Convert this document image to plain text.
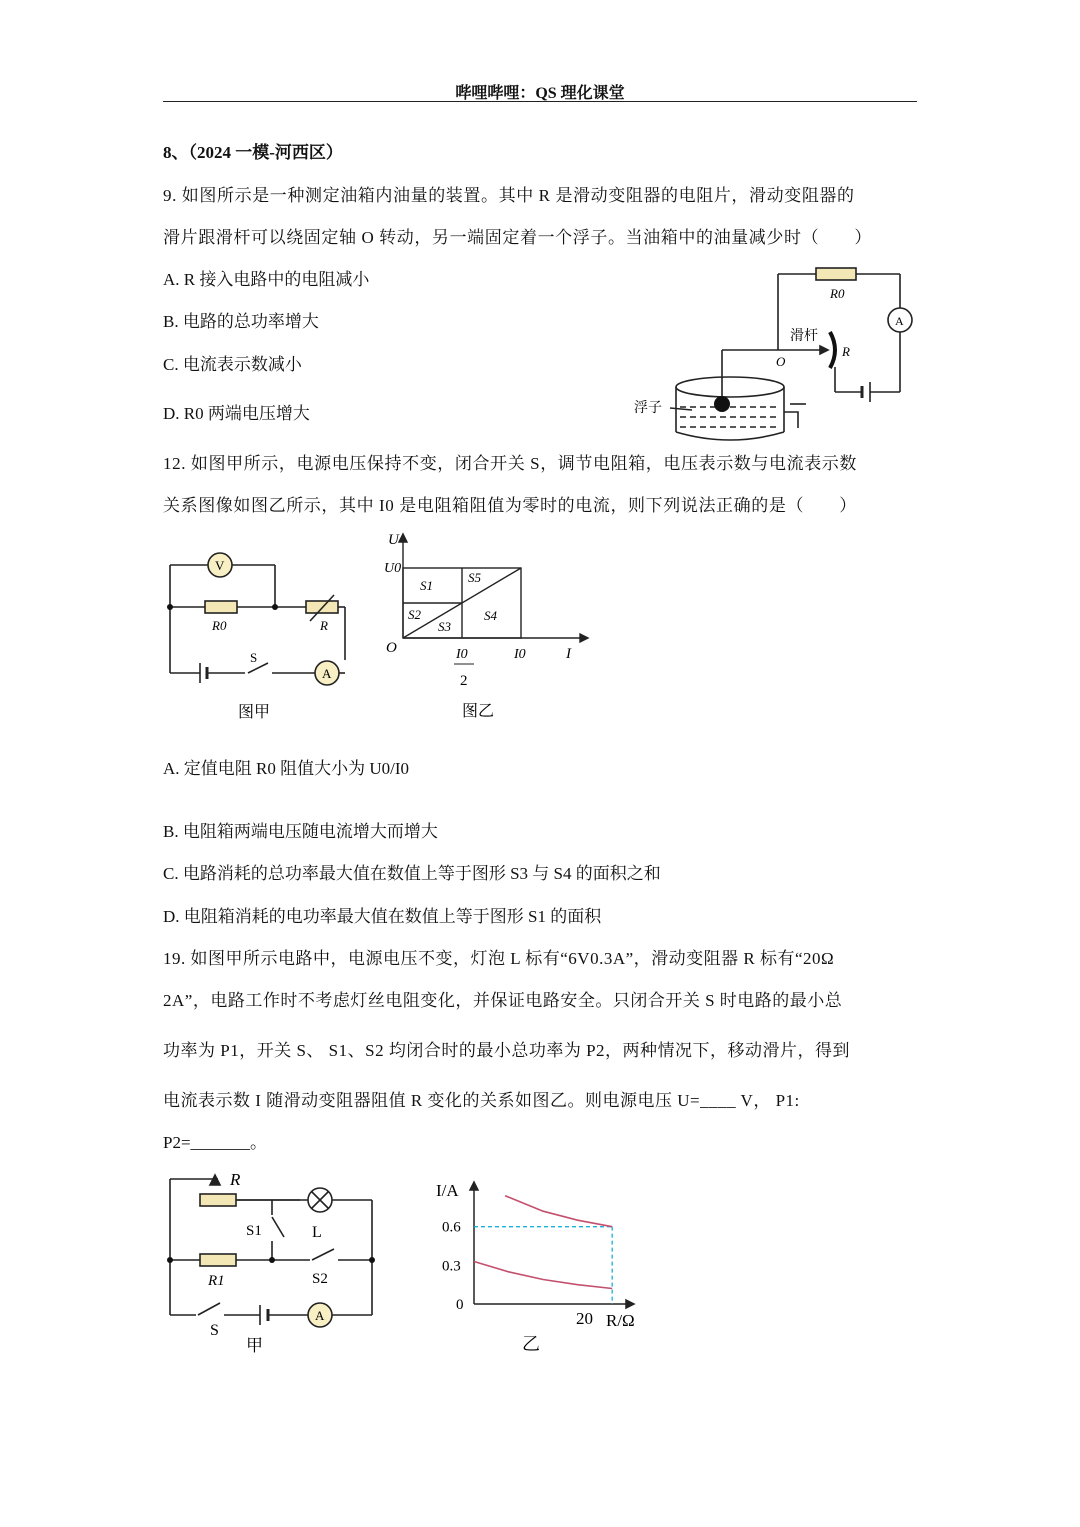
哔哩哔哩：QS 理化课堂
8、（2024 一模-河西区）
9. 如图所示是一种测定油箱内油量的装置。其中 R 是滑动变阻器的电阻片，滑动变阻器的
滑片跟滑杆可以绕固定轴 O 转动，另一端固定着一个浮子。当油箱中的油量减少时（　　）
A. R 接入电路中的电阻减小
B. 电路的总功率增大
C. 电流表示数减小
D. R0 两端电压增大
R0
A
滑杆
O
R
浮子
12. 如图甲所示，电源电压保持不变，闭合开关 S，调节电阻箱，电压表示数与电流表示数
关系图像如图乙所示，其中 I0 是电阻箱阻值为零时的电流，则下列说法正确的是（　　）
V
A
R0	R
S
图甲
U
U0
O
S1
S5
S2
S3
S4
I0
2
I0	I
图乙
A. 定值电阻 R0 阻值大小为 U0/I0
B. 电阻箱两端电压随电流增大而增大
C. 电路消耗的总功率最大值在数值上等于图形 S3 与 S4 的面积之和
D. 电阻箱消耗的电功率最大值在数值上等于图形 S1 的面积
19. 如图甲所示电路中，电源电压不变，灯泡 L 标有“6V0.3A”，滑动变阻器 R 标有“20Ω
2A”，电路工作时不考虑灯丝电阻变化，并保证电路安全。只闭合开关 S 时电路的最小总
功率为 P1，开关 S、 S1、S2 均闭合时的最小总功率为 P2，两种情况下，移动滑片，得到
电流表示数 I 随滑动变阻器阻值 R 变化的关系如图乙。则电源电压 U=____ V， P1:
P2=_______。
R
S1	L
R1	S2
S
A
甲
I/A
0
0.3
0.6
20 R/Ω
乙
